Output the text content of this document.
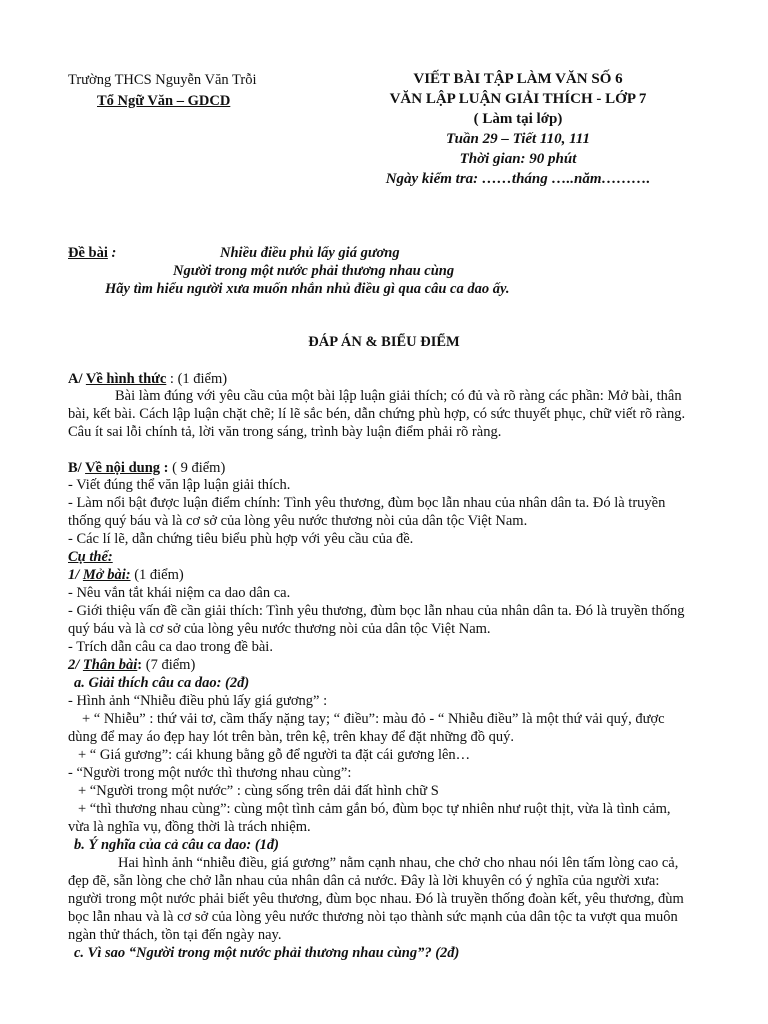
Trường THCS Nguyễn Văn Trỗi
Tổ Ngữ Văn – GDCD
VIẾT BÀI TẬP LÀM VĂN SỐ 6
VĂN LẬP LUẬN GIẢI THÍCH - LỚP 7
( Làm tại lớp)
Tuần 29 – Tiết 110, 111
Thời gian: 90 phút
Ngày kiểm tra: ……tháng …..năm……….
Đề bài :	Nhiều điều phủ lấy giá gương
Người trong một nước phải thương nhau cùng
Hãy tìm hiểu người xưa muốn nhắn nhủ điều gì qua câu ca dao ấy.
ĐÁP ÁN & BIỂU ĐIỂM
A/ Về hình thức : (1 điểm)
Bài làm đúng với yêu cầu của một bài lập luận giải thích; có đủ và rõ ràng các phần: Mở bài, thân
bài, kết bài. Cách lập luận chặt chẽ; lí lẽ sắc bén, dẫn chứng phù hợp, có sức thuyết phục, chữ viết rõ ràng.
Câu ít sai lỗi chính tả, lời văn trong sáng, trình bày luận điểm phải rõ ràng.
B/ Về nội dung : ( 9 điểm)
- Viết đúng thể văn lập luận giải thích.
- Làm nổi bật được luận điểm chính: Tình yêu thương, đùm bọc lẫn nhau của nhân dân ta. Đó là truyền
thống quý báu và là cơ sở của lòng yêu nước thương nòi của dân tộc Việt Nam.
- Các lí lẽ, dẫn chứng tiêu biểu phù hợp với yêu cầu của đề.
Cụ thể:
1/ Mở bài: (1 điểm)
- Nêu vắn tắt khái niệm ca dao dân ca.
- Giới thiệu vấn đề cần giải thích: Tình yêu thương, đùm bọc lẫn nhau của nhân dân ta. Đó là truyền thống
quý báu và là cơ sở của lòng yêu nước thương nòi của dân tộc Việt Nam.
- Trích dẫn câu ca dao trong đề bài.
2/ Thân bài: (7 điểm)
a. Giải thích câu ca dao: (2đ)
- Hình ảnh “Nhiễu điều phủ lấy giá gương” :
+ “ Nhiễu” : thứ vải tơ, cầm thấy nặng tay; “ điều”: màu đỏ - “ Nhiễu điều” là một thứ vải quý, được
dùng để may áo đẹp hay lót trên bàn, trên kệ, trên khay để đặt những đồ quý.
+ “ Giá gương”: cái khung bằng gỗ để người ta đặt cái gương lên…
- “Người trong một nước thì thương nhau cùng”:
+ “Người trong một nước” : cùng sống trên dải đất hình chữ S
+ “thì thương nhau cùng”: cùng một tình cảm gắn bó, đùm bọc tự nhiên như ruột thịt, vừa là tình cảm,
vừa là nghĩa vụ, đồng thời là trách nhiệm.
b. Ý nghĩa của cả câu ca dao: (1đ)
Hai hình ảnh “nhiễu điều, giá gương” nằm cạnh nhau, che chở cho nhau nói lên tấm lòng cao cả,
đẹp đẽ, sẵn lòng che chở lẫn nhau của nhân dân cả nước. Đây là lời khuyên có ý nghĩa của người xưa:
người trong một nước phải biết yêu thương, đùm bọc nhau. Đó là truyền thống đoàn kết, yêu thương, đùm
bọc lẫn nhau và là cơ sở của lòng yêu nước thương nòi tạo thành sức mạnh của dân tộc ta vượt qua muôn
ngàn thử thách, tồn tại đến ngày nay.
c. Vì sao “Người trong một nước phải thương nhau cùng”? (2đ)
